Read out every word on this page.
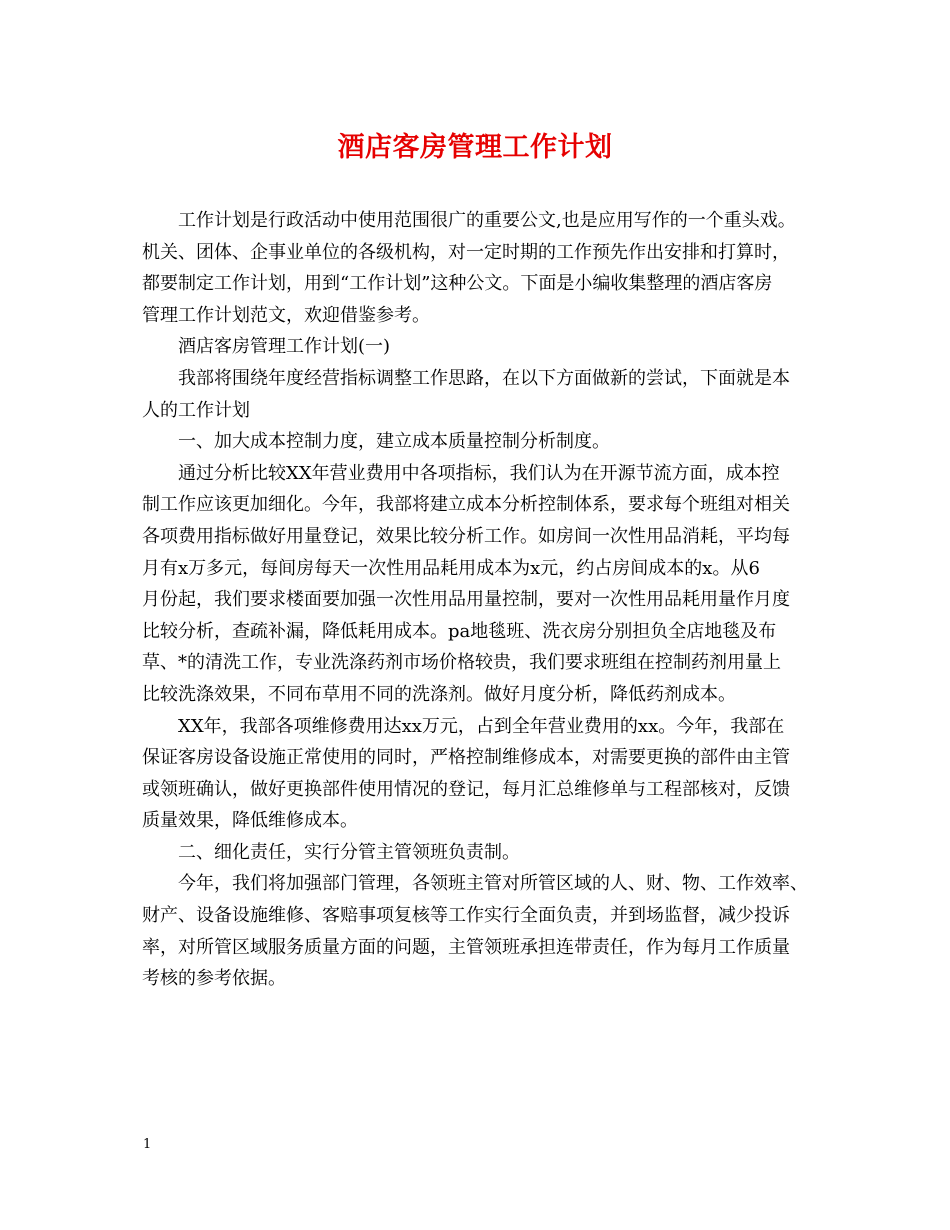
酒店客房管理工作计划
工作计划是行政活动中使用范围很广的重要公文,也是应用写作的一个重头戏。
机关、团体、企事业单位的各级机构，对一定时期的工作预先作出安排和打算时，
都要制定工作计划，用到“工作计划”这种公文。下面是小编收集整理的酒店客房
管理工作计划范文，欢迎借鉴参考。
酒店客房管理工作计划(一)
我部将围绕年度经营指标调整工作思路，在以下方面做新的尝试，下面就是本
人的工作计划
一、加大成本控制力度，建立成本质量控制分析制度。
通过分析比较XX年营业费用中各项指标，我们认为在开源节流方面，成本控
制工作应该更加细化。今年，我部将建立成本分析控制体系，要求每个班组对相关
各项费用指标做好用量登记，效果比较分析工作。如房间一次性用品消耗，平均每
月有x万多元，每间房每天一次性用品耗用成本为x元，约占房间成本的x。从6
月份起，我们要求楼面要加强一次性用品用量控制，要对一次性用品耗用量作月度
比较分析，查疏补漏，降低耗用成本。pa地毯班、洗衣房分别担负全店地毯及布
草、*的清洗工作，专业洗涤药剂市场价格较贵，我们要求班组在控制药剂用量上
比较洗涤效果，不同布草用不同的洗涤剂。做好月度分析，降低药剂成本。
XX年，我部各项维修费用达xx万元，占到全年营业费用的xx。今年，我部在
保证客房设备设施正常使用的同时，严格控制维修成本，对需要更换的部件由主管
或领班确认，做好更换部件使用情况的登记，每月汇总维修单与工程部核对，反馈
质量效果，降低维修成本。
二、细化责任，实行分管主管领班负责制。
今年，我们将加强部门管理，各领班主管对所管区域的人、财、物、工作效率、
财产、设备设施维修、客赔事项复核等工作实行全面负责，并到场监督，减少投诉
率，对所管区域服务质量方面的问题，主管领班承担连带责任，作为每月工作质量
考核的参考依据。
1
